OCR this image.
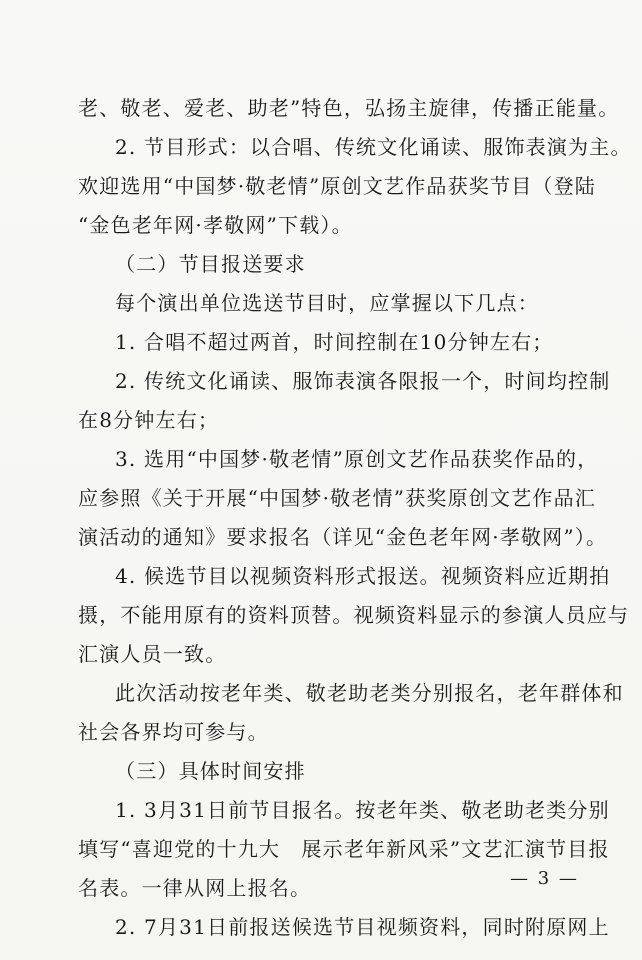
老、敬老、爱老、助老”特色，弘扬主旋律，传播正能量。
2. 节目形式：以合唱、传统文化诵读、服饰表演为主。
欢迎选用“中国梦·敬老情”原创文艺作品获奖节目（登陆
“金色老年网·孝敬网”下载）。
（二）节目报送要求
每个演出单位选送节目时，应掌握以下几点：
1. 合唱不超过两首，时间控制在10分钟左右；
2. 传统文化诵读、服饰表演各限报一个，时间均控制
在8分钟左右；
3. 选用“中国梦·敬老情”原创文艺作品获奖作品的，
应参照《关于开展“中国梦·敬老情”获奖原创文艺作品汇
演活动的通知》要求报名（详见“金色老年网·孝敬网”）。
4. 候选节目以视频资料形式报送。视频资料应近期拍
摄，不能用原有的资料顶替。视频资料显示的参演人员应与
汇演人员一致。
此次活动按老年类、敬老助老类分别报名，老年群体和
社会各界均可参与。
（三）具体时间安排
1. 3月31日前节目报名。按老年类、敬老助老类分别
填写“喜迎党的十九大　展示老年新风采”文艺汇演节目报
名表。一律从网上报名。
2. 7月31日前报送候选节目视频资料，同时附原网上
— 3 —
